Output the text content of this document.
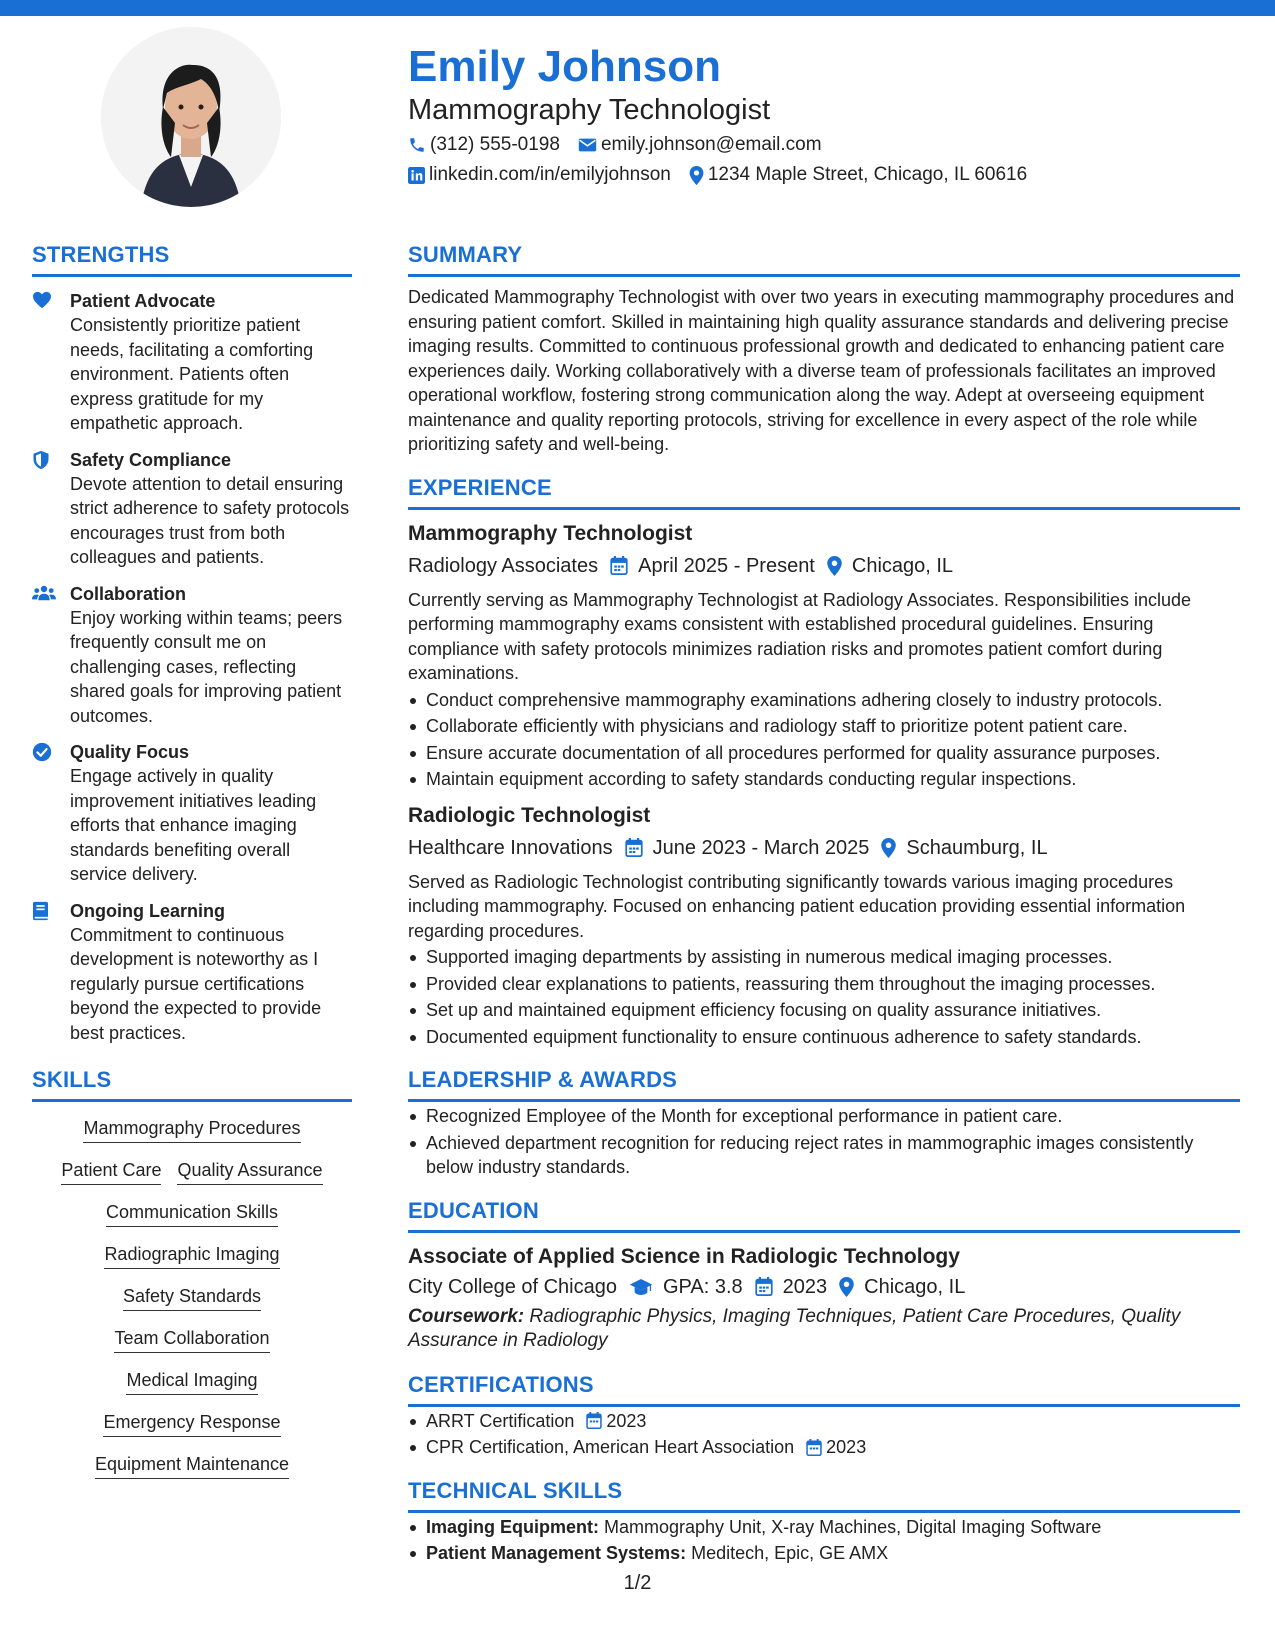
Emily Johnson
Mammography Technologist
(312) 555-0198 emily.johnson@email.com
linkedin.com/in/emilyjohnson 1234 Maple Street, Chicago, IL 60616
STRENGTHS
Patient Advocate
Consistently prioritize patient needs, facilitating a comforting environment. Patients often express gratitude for my empathetic approach.
Safety Compliance
Devote attention to detail ensuring strict adherence to safety protocols encourages trust from both colleagues and patients.
Collaboration
Enjoy working within teams; peers frequently consult me on challenging cases, reflecting shared goals for improving patient outcomes.
Quality Focus
Engage actively in quality improvement initiatives leading efforts that enhance imaging standards benefiting overall service delivery.
Ongoing Learning
Commitment to continuous development is noteworthy as I regularly pursue certifications beyond the expected to provide best practices.
SKILLS
Mammography Procedures
Patient Care Quality Assurance
Communication Skills
Radiographic Imaging
Safety Standards
Team Collaboration
Medical Imaging
Emergency Response
Equipment Maintenance
SUMMARY
Dedicated Mammography Technologist with over two years in executing mammography procedures and ensuring patient comfort. Skilled in maintaining high quality assurance standards and delivering precise imaging results. Committed to continuous professional growth and dedicated to enhancing patient care experiences daily. Working collaboratively with a diverse team of professionals facilitates an improved operational workflow, fostering strong communication along the way. Adept at overseeing equipment maintenance and quality reporting protocols, striving for excellence in every aspect of the role while prioritizing safety and well-being.
EXPERIENCE
Mammography Technologist
Radiology Associates April 2025 - Present Chicago, IL
Currently serving as Mammography Technologist at Radiology Associates. Responsibilities include performing mammography exams consistent with established procedural guidelines. Ensuring compliance with safety protocols minimizes radiation risks and promotes patient comfort during examinations.
Conduct comprehensive mammography examinations adhering closely to industry protocols.
Collaborate efficiently with physicians and radiology staff to prioritize potent patient care.
Ensure accurate documentation of all procedures performed for quality assurance purposes.
Maintain equipment according to safety standards conducting regular inspections.
Radiologic Technologist
Healthcare Innovations June 2023 - March 2025 Schaumburg, IL
Served as Radiologic Technologist contributing significantly towards various imaging procedures including mammography. Focused on enhancing patient education providing essential information regarding procedures.
Supported imaging departments by assisting in numerous medical imaging processes.
Provided clear explanations to patients, reassuring them throughout the imaging processes.
Set up and maintained equipment efficiency focusing on quality assurance initiatives.
Documented equipment functionality to ensure continuous adherence to safety standards.
LEADERSHIP & AWARDS
Recognized Employee of the Month for exceptional performance in patient care.
Achieved department recognition for reducing reject rates in mammographic images consistently below industry standards.
EDUCATION
Associate of Applied Science in Radiologic Technology
City College of Chicago GPA: 3.8 2023 Chicago, IL
Coursework: Radiographic Physics, Imaging Techniques, Patient Care Procedures, Quality Assurance in Radiology
CERTIFICATIONS
ARRT Certification 2023
CPR Certification, American Heart Association 2023
TECHNICAL SKILLS
Imaging Equipment: Mammography Unit, X-ray Machines, Digital Imaging Software
Patient Management Systems: Meditech, Epic, GE AMX
1/2
